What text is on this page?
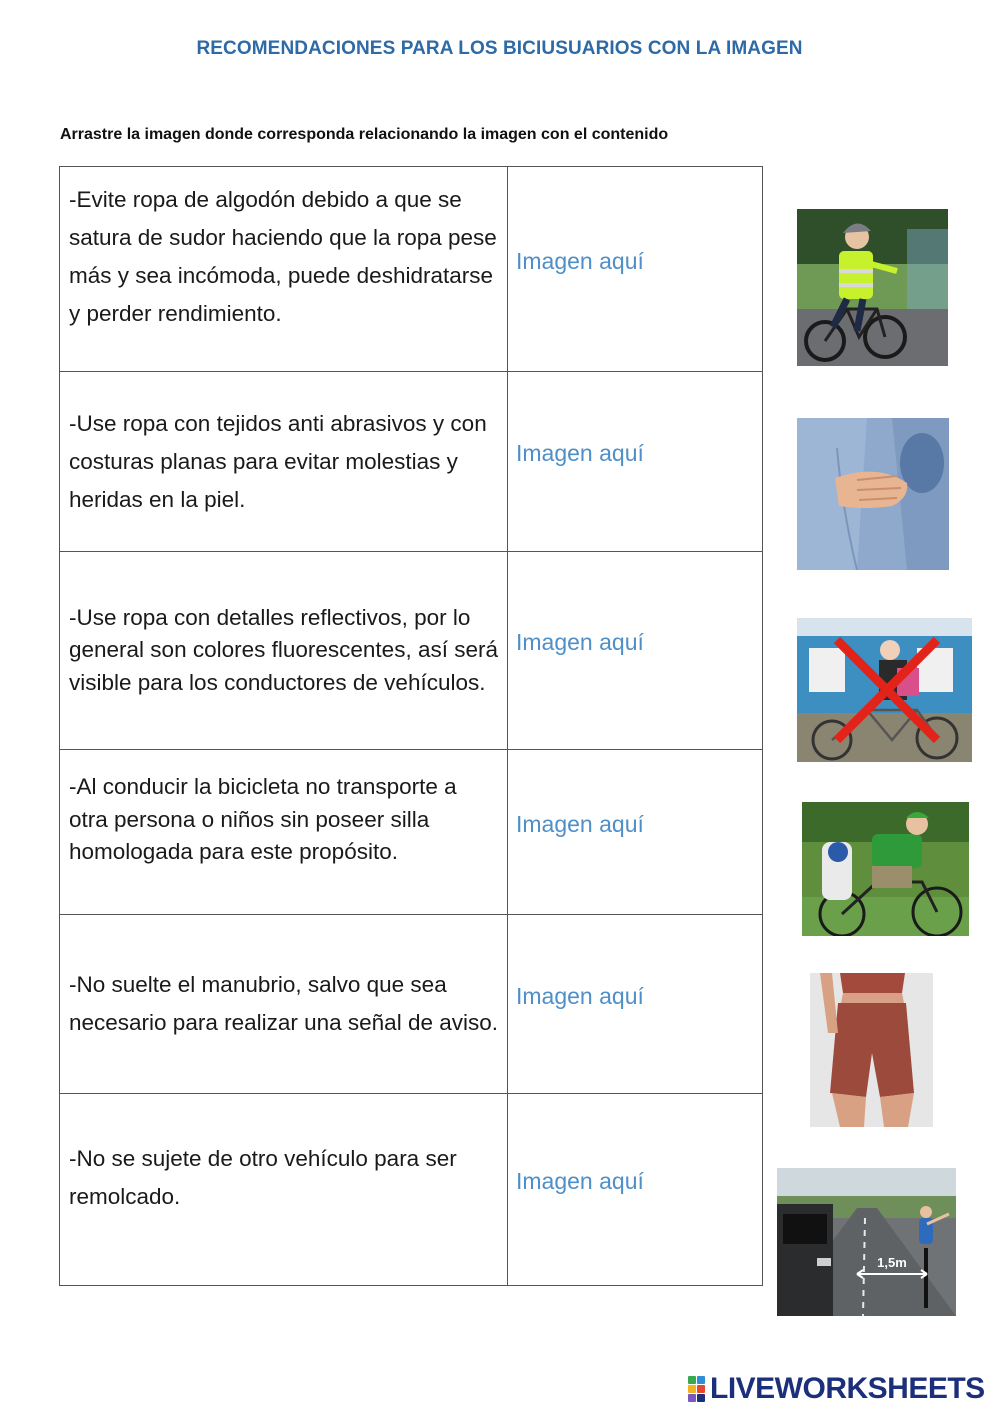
RECOMENDACIONES PARA LOS BICIUSUARIOS CON LA IMAGEN
Arrastre la imagen donde corresponda relacionando la imagen con el contenido
-Evite ropa de algodón debido a que se satura de sudor haciendo que la ropa pese más y sea incómoda, puede deshidratarse y perder rendimiento.	Imagen aquí
-Use ropa con tejidos anti abrasivos y con costuras planas para evitar molestias y heridas en la piel.	Imagen aquí
-Use ropa con detalles reflectivos, por lo general son colores fluorescentes, así será visible para los conductores de vehículos.	Imagen aquí
-Al conducir la bicicleta no transporte a otra persona o niños sin poseer silla homologada para este propósito.	Imagen aquí
-No suelte el manubrio, salvo que sea necesario para realizar una señal de aviso.	Imagen aquí
-No se sujete de otro vehículo para ser remolcado.	Imagen aquí
1,5m
LIVEWORKSHEETS
